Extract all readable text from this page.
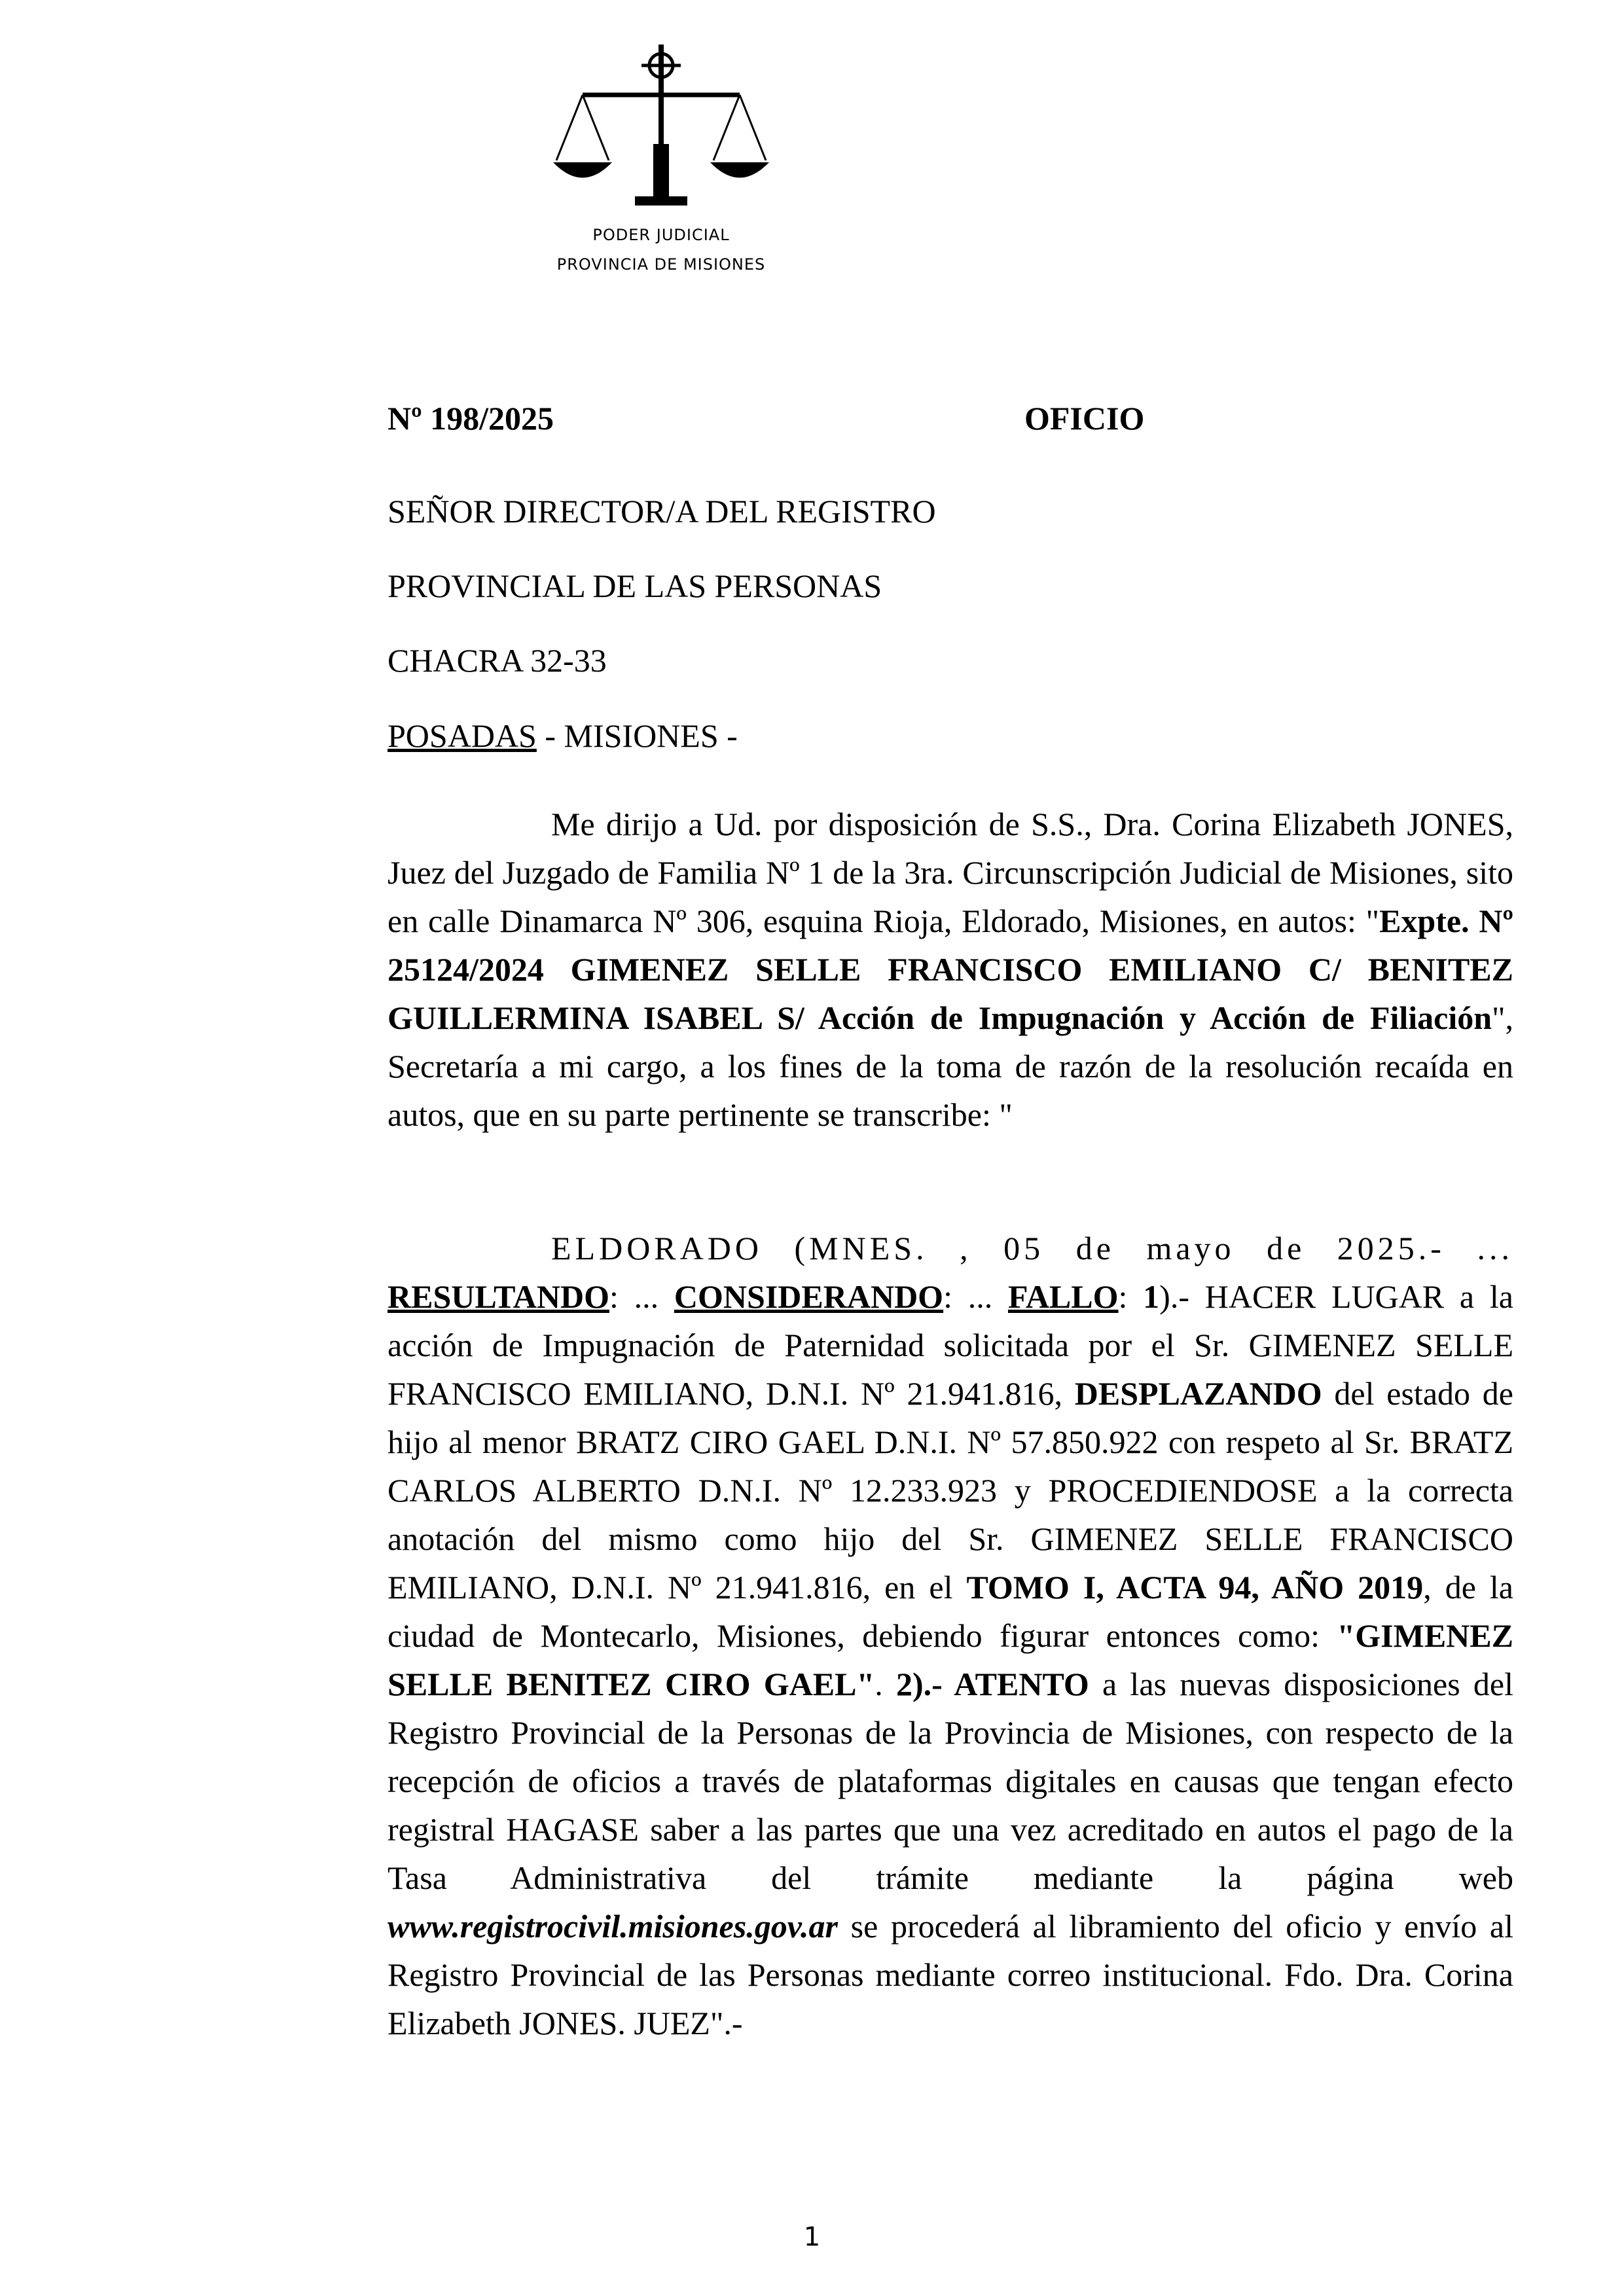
PODER JUDICIAL
PROVINCIA DE MISIONES
Nº 198/2025	OFICIO
SEÑOR DIRECTOR/A DEL REGISTRO
PROVINCIAL DE LAS PERSONAS
CHACRA 32-33
POSADAS - MISIONES -
Me dirijo a Ud. por disposición de S.S., Dra. Corina Elizabeth JONES, Juez del Juzgado de Familia Nº 1 de la 3ra. Circunscripción Judicial de Misiones, sito en calle Dinamarca Nº 306, esquina Rioja, Eldorado, Misiones, en autos: "Expte. Nº 25124/2024 GIMENEZ SELLE FRANCISCO EMILIANO C/ BENITEZ GUILLERMINA ISABEL S/ Acción de Impugnación y Acción de Filiación", Secretaría a mi cargo, a los fines de la toma de razón de la resolución recaída en autos, que en su parte pertinente se transcribe: "
ELDORADO (MNES. , 05 de mayo de 2025.- ... RESULTANDO: ... CONSIDERANDO: ... FALLO: 1).- HACER LUGAR a la acción de Impugnación de Paternidad solicitada por el Sr. GIMENEZ SELLE FRANCISCO EMILIANO, D.N.I. Nº 21.941.816, DESPLAZANDO del estado de hijo al menor BRATZ CIRO GAEL D.N.I. Nº 57.850.922 con respeto al Sr. BRATZ CARLOS ALBERTO D.N.I. Nº 12.233.923 y PROCEDIENDOSE a la correcta anotación del mismo como hijo del Sr. GIMENEZ SELLE FRANCISCO EMILIANO, D.N.I. Nº 21.941.816, en el TOMO I, ACTA 94, AÑO 2019, de la ciudad de Montecarlo, Misiones, debiendo figurar entonces como: "GIMENEZ SELLE BENITEZ CIRO GAEL". 2).- ATENTO a las nuevas disposiciones del Registro Provincial de la Personas de la Provincia de Misiones, con respecto de la recepción de oficios a través de plataformas digitales en causas que tengan efecto registral HAGASE saber a las partes que una vez acreditado en autos el pago de la Tasa Administrativa del trámite mediante la página web www.registrocivil.misiones.gov.ar se procederá al libramiento del oficio y envío al Registro Provincial de las Personas mediante correo institucional. Fdo. Dra. Corina Elizabeth JONES. JUEZ".-
1
